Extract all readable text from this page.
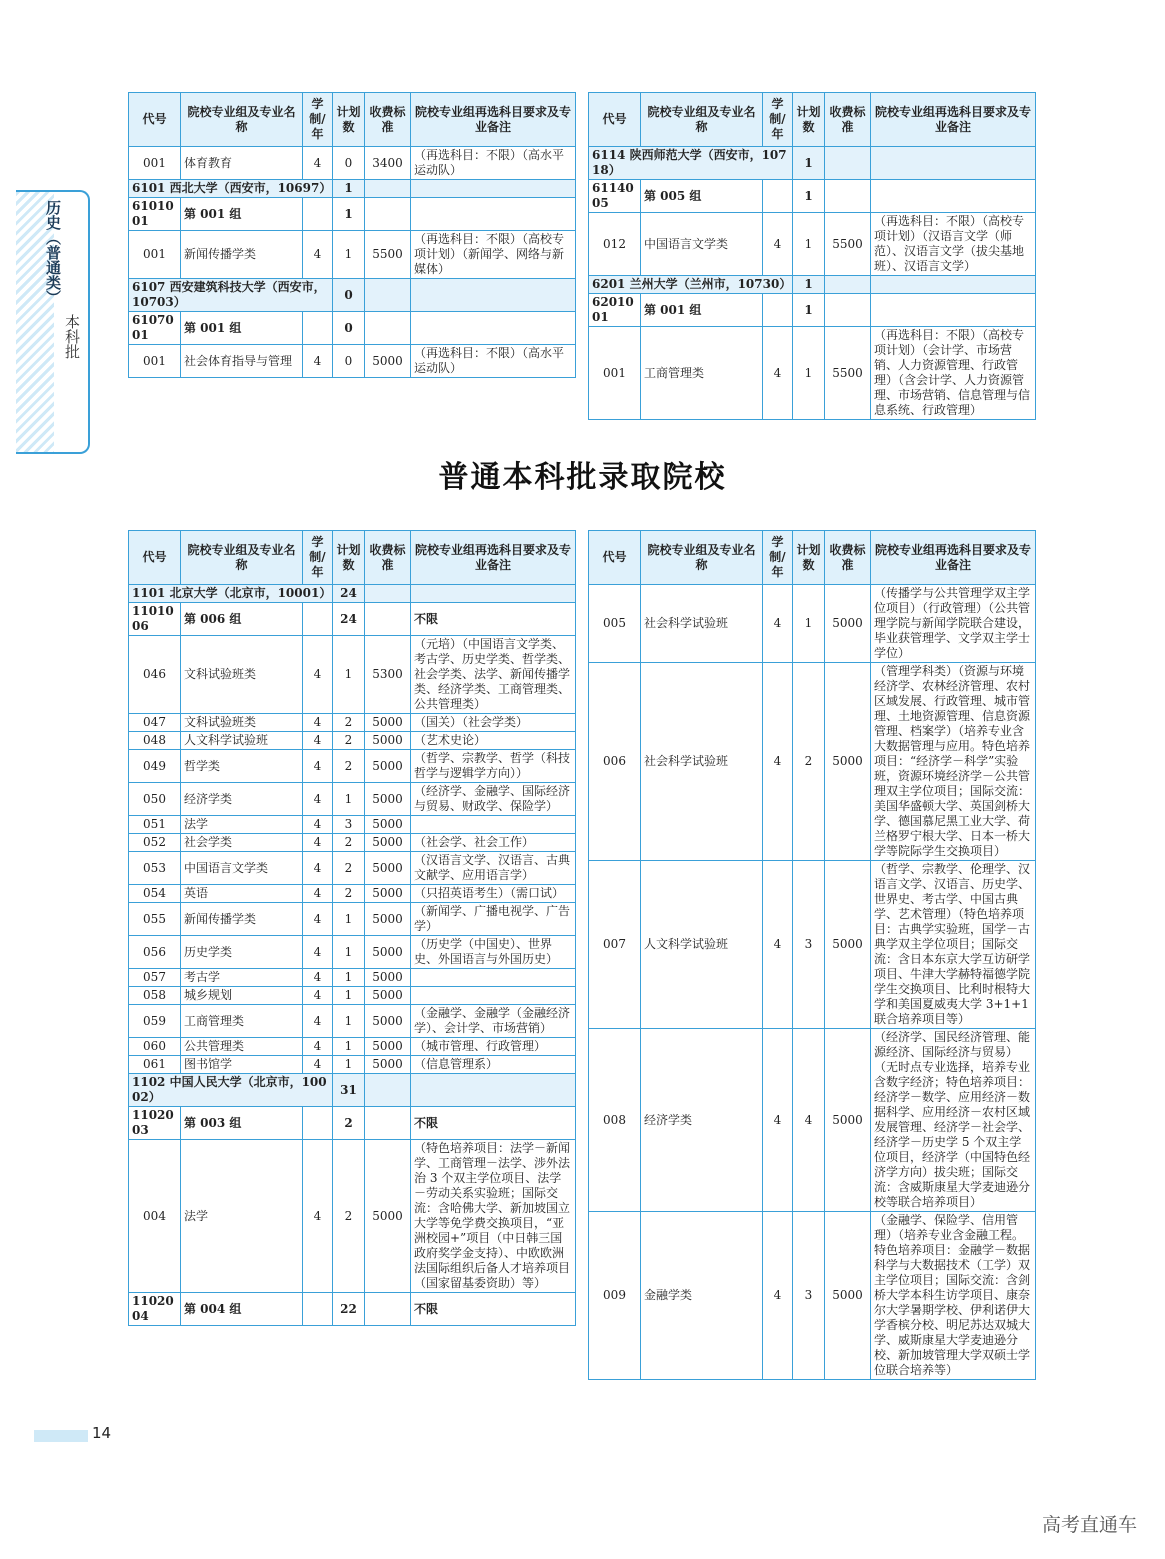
历史（普通类）
本科批
代号	院校专业组及专业名称	学制/年	计划数	收费标准	院校专业组再选科目要求及专业备注
001	体育教育	4	0	3400	（再选科目：不限）（高水平运动队）
6101 西北大学（西安市，10697）			1		
6101001	第 001 组		1		
001	新闻传播学类	4	1	5500	（再选科目：不限）（高校专项计划）（新闻学、网络与新媒体）
6107 西安建筑科技大学（西安市，10703）			0		
6107001	第 001 组		0		
001	社会体育指导与管理	4	0	5000	（再选科目：不限）（高水平运动队）
代号	院校专业组及专业名称	学制/年	计划数	收费标准	院校专业组再选科目要求及专业备注
6114 陕西师范大学（西安市，10718）			1		
6114005	第 005 组		1		
012	中国语言文学类	4	1	5500	（再选科目：不限）（高校专项计划）（汉语言文学（师范）、汉语言文学（拔尖基地班）、汉语言文学）
6201 兰州大学（兰州市，10730）			1		
6201001	第 001 组		1		
001	工商管理类	4	1	5500	（再选科目：不限）（高校专项计划）（会计学、市场营销、人力资源管理、行政管理）（含会计学、人力资源管理、市场营销、信息管理与信息系统、行政管理）
普通本科批录取院校
代号	院校专业组及专业名称	学制/年	计划数	收费标准	院校专业组再选科目要求及专业备注
1101 北京大学（北京市，10001）			24		
1101006	第 006 组		24		不限
046	文科试验班类	4	1	5300	（元培）（中国语言文学类、考古学、历史学类、哲学类、社会学类、法学、新闻传播学类、经济学类、工商管理类、公共管理类）
047	文科试验班类	4	2	5000	（国关）（社会学类）
048	人文科学试验班	4	2	5000	（艺术史论）
049	哲学类	4	2	5000	（哲学、宗教学、哲学（科技哲学与逻辑学方向））
050	经济学类	4	1	5000	（经济学、金融学、国际经济与贸易、财政学、保险学）
051	法学	4	3	5000	
052	社会学类	4	2	5000	（社会学、社会工作）
053	中国语言文学类	4	2	5000	（汉语言文学、汉语言、古典文献学、应用语言学）
054	英语	4	2	5000	（只招英语考生）（需口试）
055	新闻传播学类	4	1	5000	（新闻学、广播电视学、广告学）
056	历史学类	4	1	5000	（历史学（中国史）、世界史、外国语言与外国历史）
057	考古学	4	1	5000	
058	城乡规划	4	1	5000	
059	工商管理类	4	1	5000	（金融学、金融学（金融经济学）、会计学、市场营销）
060	公共管理类	4	1	5000	（城市管理、行政管理）
061	图书馆学	4	1	5000	（信息管理系）
1102 中国人民大学（北京市，10002）			31		
1102003	第 003 组		2		不限
004	法学	4	2	5000	（特色培养项目：法学－新闻学、工商管理－法学、涉外法治 3 个双主学位项目、法学－劳动关系实验班；国际交流：含哈佛大学、新加坡国立大学等免学费交换项目，“亚洲校园+”项目（中日韩三国政府奖学金支持）、中欧欧洲法国际组织后备人才培养项目（国家留基委资助）等）
1102004	第 004 组		22		不限
代号	院校专业组及专业名称	学制/年	计划数	收费标准	院校专业组再选科目要求及专业备注
005	社会科学试验班	4	1	5000	（传播学与公共管理学双主学位项目）（行政管理）（公共管理学院与新闻学院联合建设，毕业获管理学、文学双主学士学位）
006	社会科学试验班	4	2	5000	（管理学科类）（资源与环境经济学、农林经济管理、农村区域发展、行政管理、城市管理、土地资源管理、信息资源管理、档案学）（培养专业含大数据管理与应用。特色培养项目：“经济学－科学”实验班，资源环境经济学－公共管理双主学位项目；国际交流：美国华盛顿大学、英国剑桥大学、德国慕尼黑工业大学、荷兰格罗宁根大学、日本一桥大学等院际学生交换项目）
007	人文科学试验班	4	3	5000	（哲学、宗教学、伦理学、汉语言文学、汉语言、历史学、世界史、考古学、中国古典学、艺术管理）（特色培养项目：古典学实验班，国学－古典学双主学位项目；国际交流：含日本东京大学互访研学项目、牛津大学赫特福德学院学生交换项目、比利时根特大学和美国夏威夷大学 3+1+1 联合培养项目等）
008	经济学类	4	4	5000	（经济学、国民经济管理、能源经济、国际经济与贸易）（无时点专业选择，培养专业含数字经济；特色培养项目：经济学－数学、应用经济－数据科学、应用经济－农村区域发展管理、经济学－社会学、经济学－历史学 5 个双主学位项目，经济学（中国特色经济学方向）拔尖班；国际交流：含威斯康星大学麦迪逊分校等联合培养项目）
009	金融学类	4	3	5000	（金融学、保险学、信用管理）（培养专业含金融工程。特色培养项目：金融学－数据科学与大数据技术（工学）双主学位项目；国际交流：含剑桥大学本科生访学项目、康奈尔大学暑期学校、伊利诺伊大学香槟分校、明尼苏达双城大学、威斯康星大学麦迪逊分校、新加坡管理大学双硕士学位联合培养等）
14
高考直通车
